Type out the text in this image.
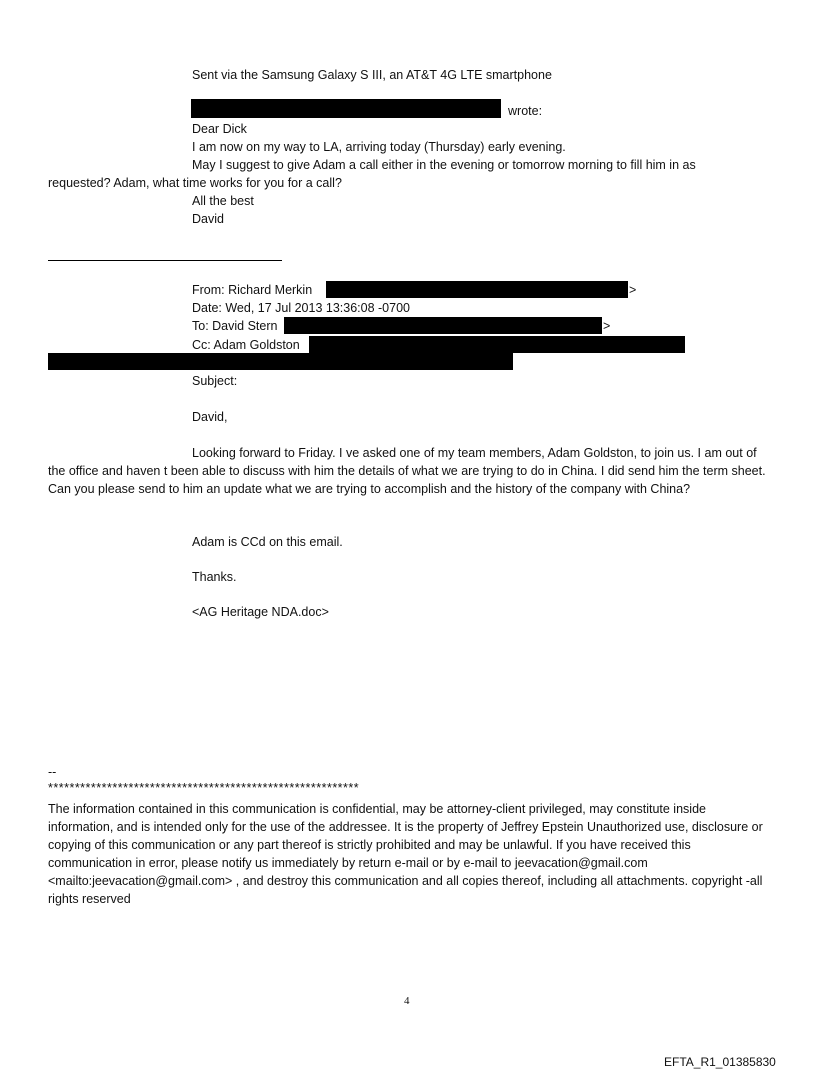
Sent via the Samsung Galaxy S III, an AT&T 4G LTE smartphone
wrote:
Dear Dick
I am now on my way to LA, arriving today (Thursday) early evening.
May I suggest to give Adam a call either in the evening or tomorrow morning to fill him in as
requested? Adam, what time works for you for a call?
All the best
David
From: Richard Merkin	>
Date: Wed, 17 Jul 2013 13:36:08 -0700
To: David Stern	>
Cc: Adam Goldston
Subject:
David,
Looking forward to Friday. I ve asked one of my team members, Adam Goldston, to join us. I am out of the office and haven t been able to discuss with him the details of what we are trying to do in China. I did send him the term sheet. Can you please send to him an update what we are trying to accomplish and the history of the company with China?
Adam is CCd on this email.
Thanks.
<AG Heritage NDA.doc>
--
**********************************************************
The information contained in this communication is confidential, may be attorney-client privileged, may constitute inside information, and is intended only for the use of the addressee. It is the property of Jeffrey Epstein Unauthorized use, disclosure or copying of this communication or any part thereof is strictly prohibited and may be unlawful. If you have received this communication in error, please notify us immediately by return e-mail or by e-mail to jeevacation@gmail.com <mailto:jeevacation@gmail.com> , and destroy this communication and all copies thereof, including all attachments. copyright -all rights reserved
4
EFTA_R1_01385830
